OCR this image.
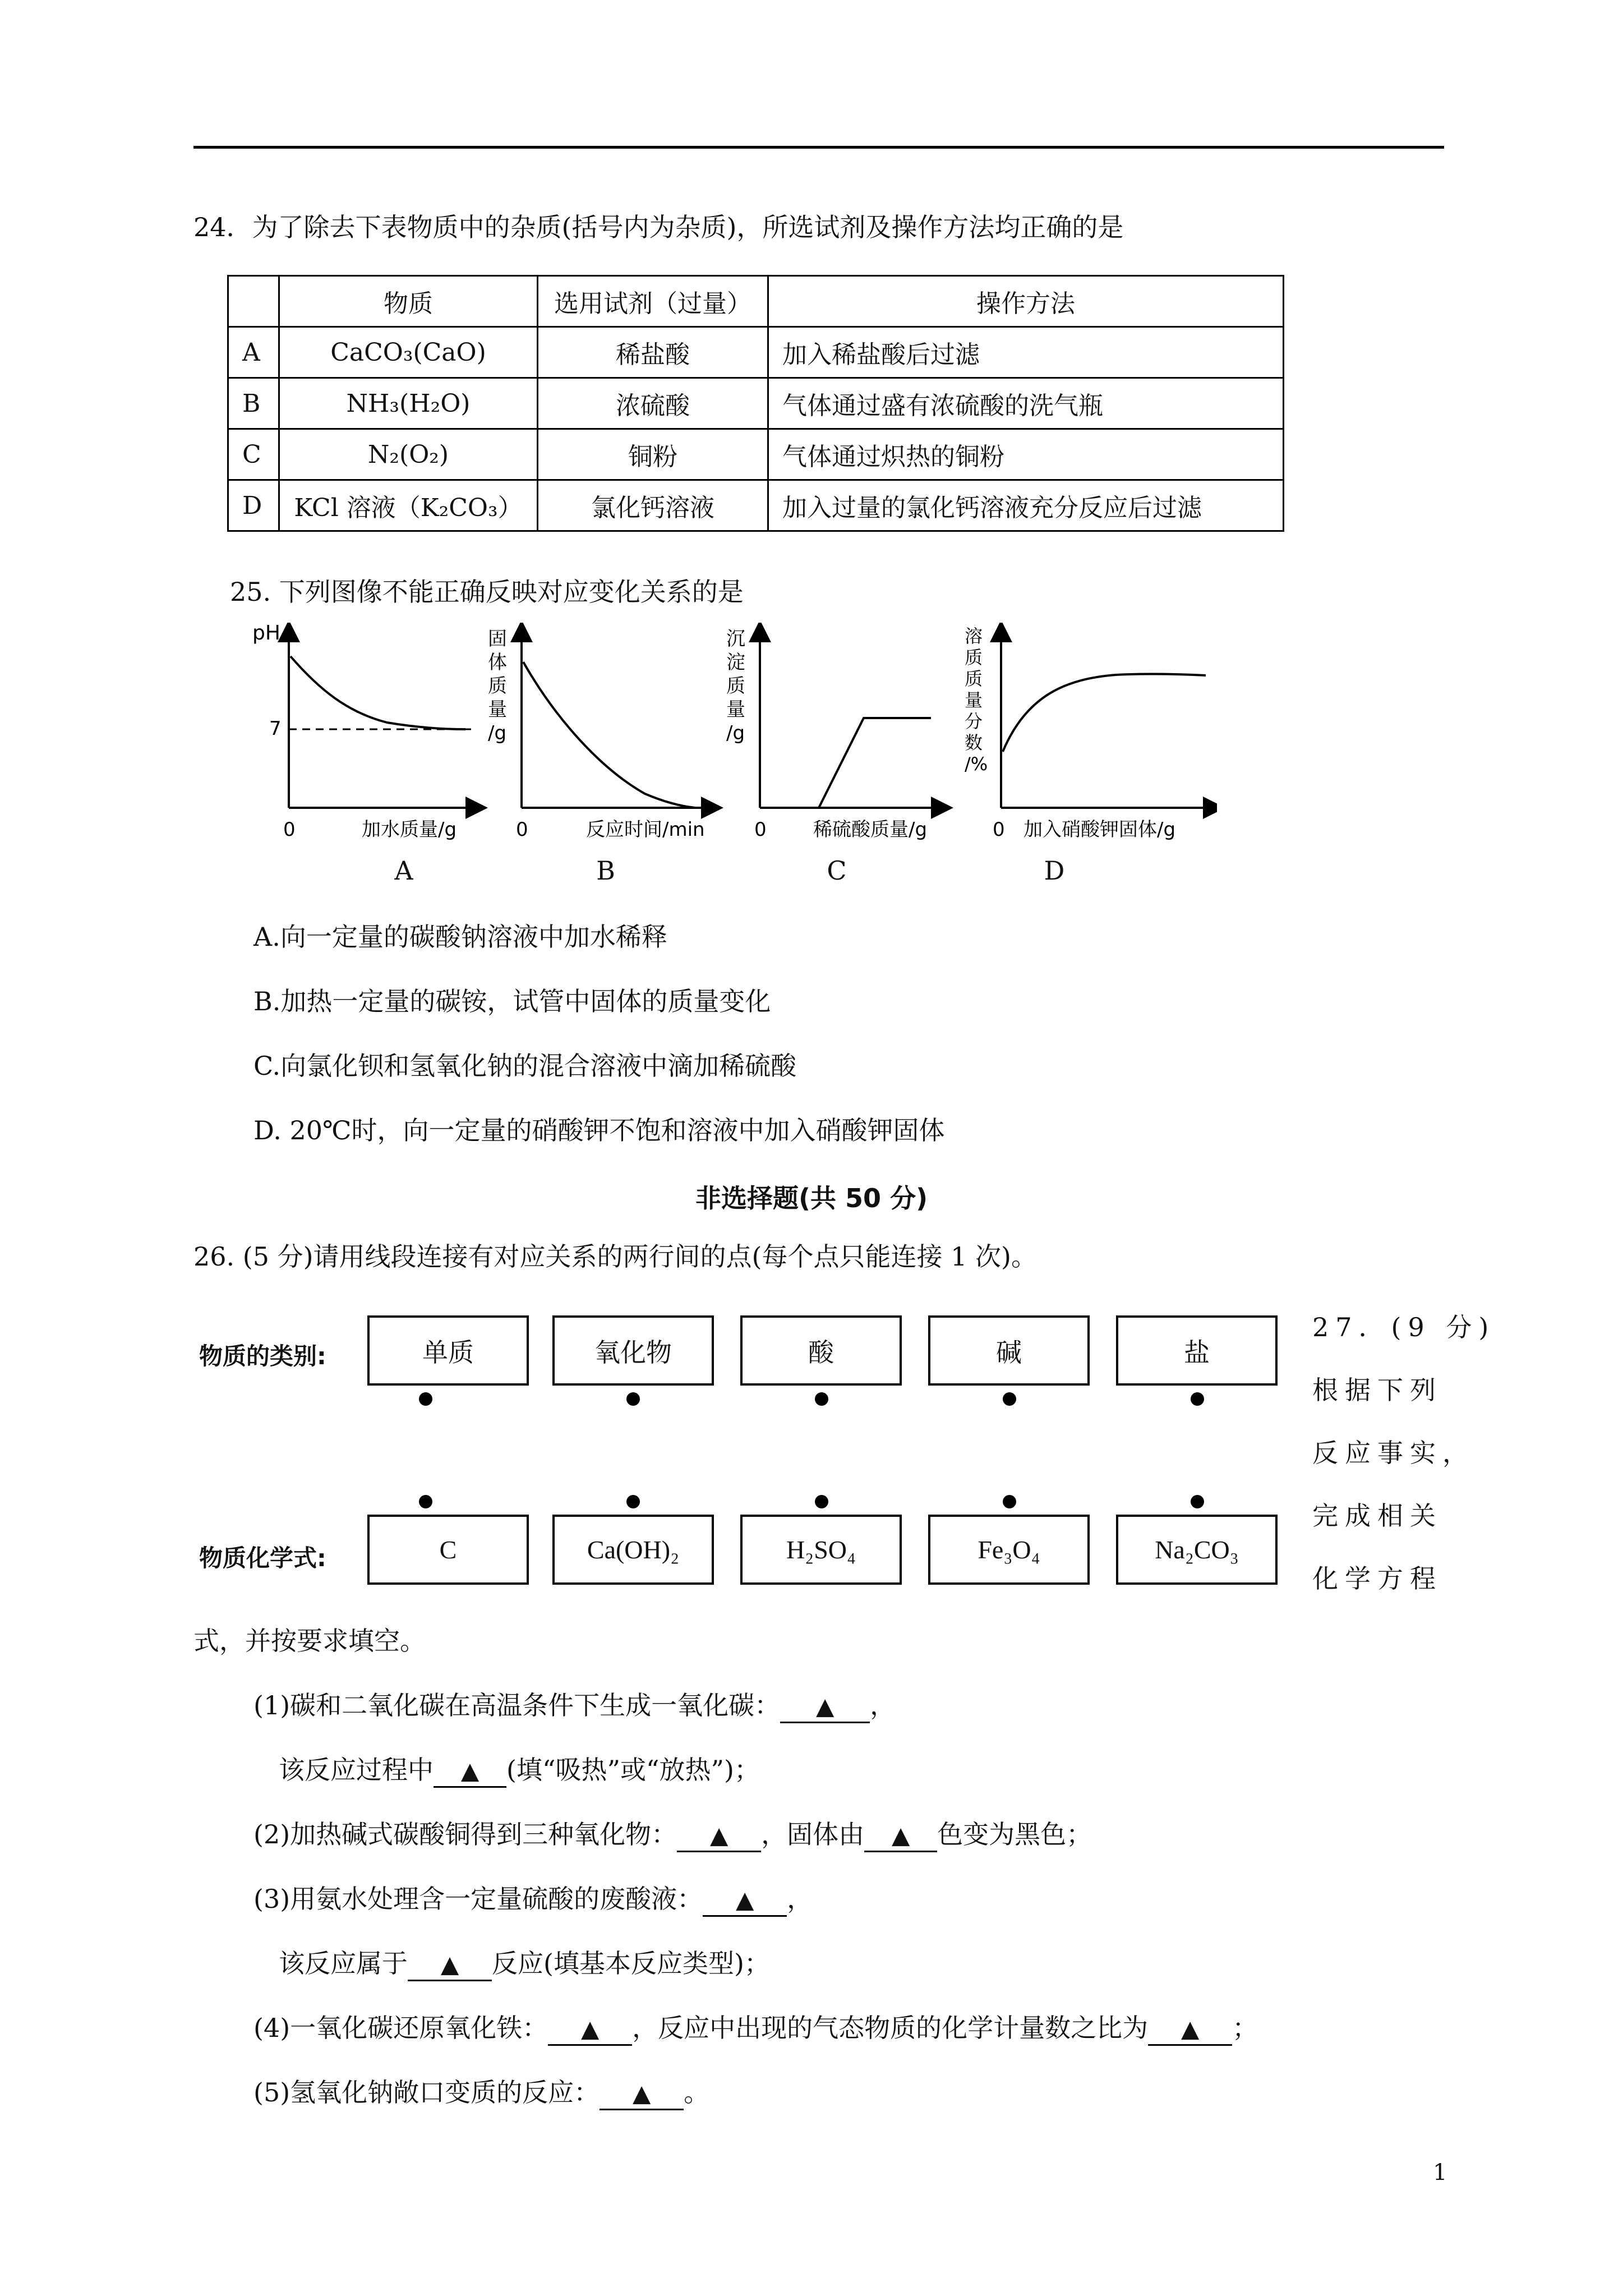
24．为了除去下表物质中的杂质(括号内为杂质)，所选试剂及操作方法均正确的是
	物质	选用试剂（过量）	操作方法
A	CaCO₃(CaO)	稀盐酸	加入稀盐酸后过滤
B	NH₃(H₂O)	浓硫酸	气体通过盛有浓硫酸的洗气瓶
C	N₂(O₂)	铜粉	气体通过炽热的铜粉
D	KCl 溶液（K₂CO₃）	氯化钙溶液	加入过量的氯化钙溶液充分反应后过滤
25. 下列图像不能正确反映对应变化关系的是
pH
7
0	加水质量/g
固体质量/g
0	反应时间/min
沉淀质量/g
0 稀硫酸质量/g
溶质质量分数/%
0 加入硝酸钾固体/g
A	B	C	D
A.向一定量的碳酸钠溶液中加水稀释
B.加热一定量的碳铵，试管中固体的质量变化
C.向氯化钡和氢氧化钠的混合溶液中滴加稀硫酸
D. 20℃时，向一定量的硝酸钾不饱和溶液中加入硝酸钾固体
非选择题(共 50 分)
26. (5 分)请用线段连接有对应关系的两行间的点(每个点只能连接 1 次)。
物质的类别:
物质化学式:
单质	氧化物	酸	碱	盐
C	Ca(OH)₂	H₂SO₄	Fe₃O₄	Na₂CO₃
27．(9 分)
根据下列
反应事实，
完成相关
化学方程
式，并按要求填空。
(1)碳和二氧化碳在高温条件下生成一氧化碳： ▲ ，
该反应过程中 ▲ (填“吸热”或“放热”)；
(2)加热碱式碳酸铜得到三种氧化物： ▲ ，固体由 ▲ 色变为黑色；
(3)用氨水处理含一定量硫酸的废酸液： ▲ ，
该反应属于 ▲ 反应(填基本反应类型)；
(4)一氧化碳还原氧化铁： ▲ ，反应中出现的气态物质的化学计量数之比为 ▲ ；
(5)氢氧化钠敞口变质的反应： ▲ 。
1
